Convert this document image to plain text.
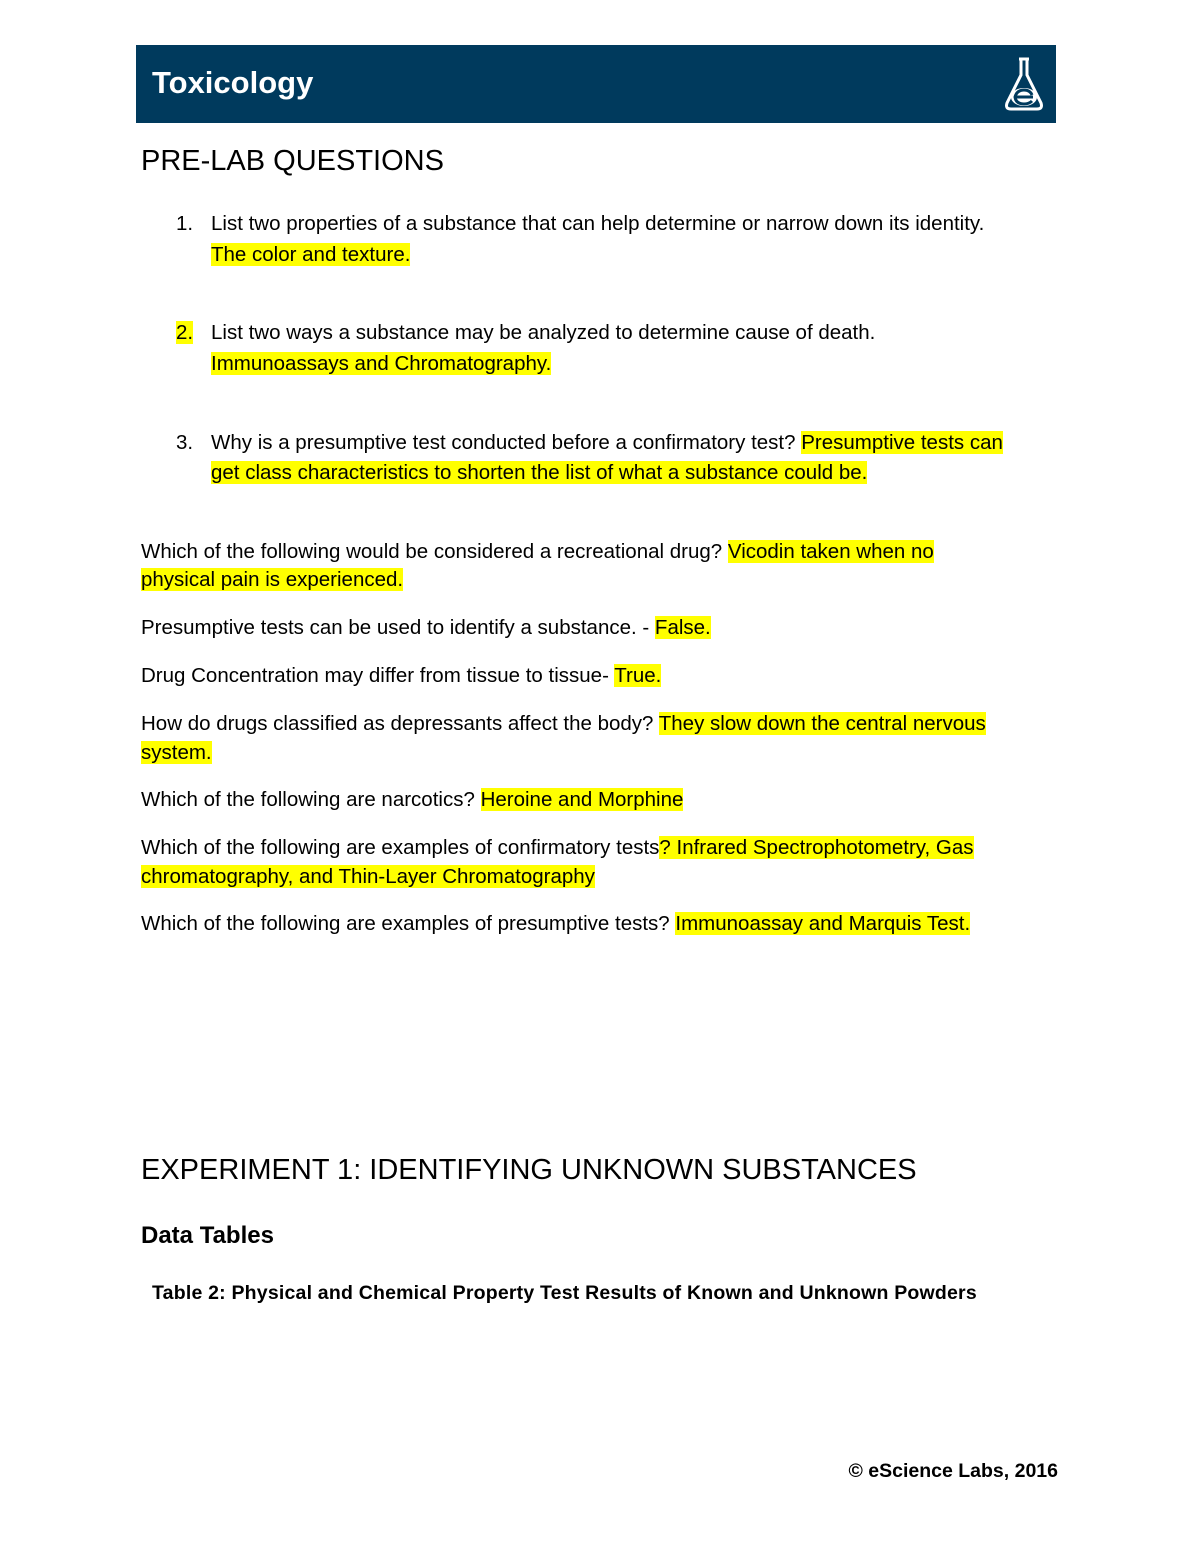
Toxicology
PRE-LAB QUESTIONS
1. List two properties of a substance that can help determine or narrow down its identity.
The color and texture.
2. List two ways a substance may be analyzed to determine cause of death.
Immunoassays and Chromatography.
3. Why is a presumptive test conducted before a confirmatory test? Presumptive tests can
get class characteristics to shorten the list of what a substance could be.
Which of the following would be considered a recreational drug? Vicodin taken when no
physical pain is experienced.
Presumptive tests can be used to identify a substance. - False.
Drug Concentration may differ from tissue to tissue- True.
How do drugs classified as depressants affect the body? They slow down the central nervous
system.
Which of the following are narcotics? Heroine and Morphine
Which of the following are examples of confirmatory tests? Infrared Spectrophotometry, Gas
chromatography, and Thin-Layer Chromatography
Which of the following are examples of presumptive tests? Immunoassay and Marquis Test.
EXPERIMENT 1: IDENTIFYING UNKNOWN SUBSTANCES
Data Tables
Table 2: Physical and Chemical Property Test Results of Known and Unknown Powders
© eScience Labs, 2016
